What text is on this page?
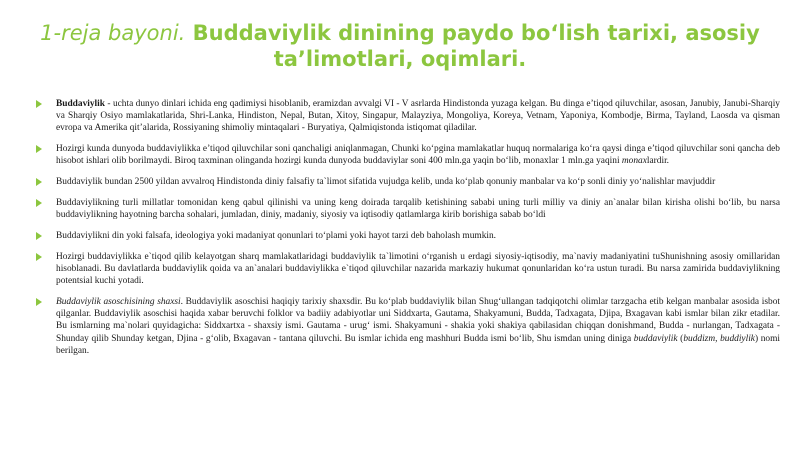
1-reja bayoni. Buddaviylik dinining paydo bo‘lish tarixi, asosiy ta’limotlari, oqimlari.
Buddaviylik - uchta dunyo dinlari ichida eng qadimiysi hisoblanib, eramizdan avvalgi VI - V asrlarda Hindistonda yuzaga kelgan. Bu dinga e’tiqod qiluvchilar, asosan, Janubiy, Janubi-Sharqiy va Sharqiy Osiyo mamlakatlarida, Shri-Lanka, Hindiston, Nepal, Butan, Xitoy, Singapur, Malayziya, Mongoliya, Koreya, Vetnam, Yaponiya, Kombodje, Birma, Tayland, Laosda va qisman evropa va Amerika qit’alarida, Rossiyaning shimoliy mintaqalari - Buryatiya, Qalmiqistonda istiqomat qiladilar.
Hozirgi kunda dunyoda buddaviylikka e’tiqod qiluvchilar soni qanchaligi aniqlanmagan, Chunki ko‘pgina mamlakatlar huquq normalariga ko‘ra qaysi dinga e’tiqod qiluvchilar soni qancha deb hisobot ishlari olib borilmaydi. Biroq taxminan olinganda hozirgi kunda dunyoda buddaviylar soni 400 mln.ga yaqin bo‘lib, monaxlar 1 mln.ga yaqini monaxlardir.
Buddaviylik bundan 2500 yildan avvalroq Hindistonda diniy falsafiy ta`limot sifatida vujudga kelib, unda ko‘plab qonuniy manbalar va ko‘p sonli diniy yo‘nalishlar mavjuddir
Buddaviylikning turli millatlar tomonidan keng qabul qilinishi va uning keng doirada tarqalib ketishining sababi uning turli milliy va diniy an`analar bilan kirisha olishi bo‘lib, bu narsa buddaviylikning hayotning barcha sohalari, jumladan, diniy, madaniy, siyosiy va iqtisodiy qatlamlarga kirib borishiga sabab bo‘ldi
Buddaviylikni din yoki falsafa, ideologiya yoki madaniyat qonunlari to‘plami yoki hayot tarzi deb baholash mumkin.
Hozirgi buddaviylikka e`tiqod qilib kelayotgan sharq mamlakatlaridagi buddaviylik ta`limotini o‘rganish u erdagi siyosiy-iqtisodiy, ma`naviy madaniyatini tuShunishning asosiy omillaridan hisoblanadi. Bu davlatlarda buddaviylik qoida va an`analari buddaviylikka e`tiqod qiluvchilar nazarida markaziy hukumat qonunlaridan ko‘ra ustun turadi. Bu narsa zamirida buddaviylikning potentsial kuchi yotadi.
Buddaviylik asoschisining shaxsi. Buddaviylik asoschisi haqiqiy tarixiy shaxsdir. Bu ko‘plab buddaviylik bilan Shug‘ullangan tadqiqotchi olimlar tarzgacha etib kelgan manbalar asosida isbot qilganlar. Buddaviylik asoschisi haqida xabar beruvchi folklor va badiiy adabiyotlar uni Siddxarta, Gautama, Shakyamuni, Budda, Tadxagata, Djipa, Bxagavan kabi ismlar bilan zikr etadilar. Bu ismlarning ma`nolari quyidagicha: Siddxartxa - shaxsiy ismi. Gautama - urug‘ ismi. Shakyamuni - shakia yoki shakiya qabilasidan chiqqan donishmand, Budda - nurlangan, Tadxagata - Shunday qilib Shunday ketgan, Djina - g‘olib, Bxagavan - tantana qiluvchi. Bu ismlar ichida eng mashhuri Budda ismi bo‘lib, Shu ismdan uning diniga buddaviylik (buddizm, buddiylik) nomi berilgan.
